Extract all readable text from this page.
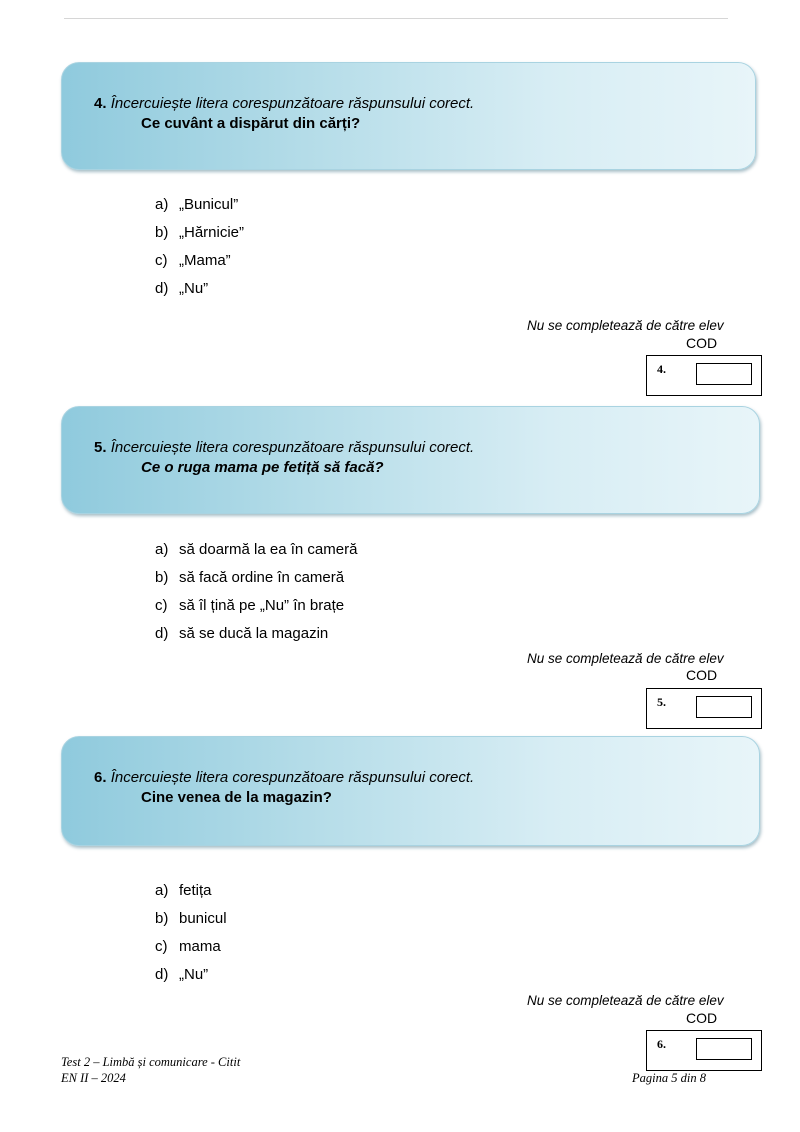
4. Încercuiește litera corespunzătoare răspunsului corect.
Ce cuvânt a dispărut din cărți?
a) „Bunicul”
b) „Hărnicie”
c) „Mama”
d) „Nu”
Nu se completează de către elev
COD
4.
5. Încercuiește litera corespunzătoare răspunsului corect.
Ce o ruga mama pe fetiță să facă?
a) să doarmă la ea în cameră
b) să facă ordine în cameră
c) să îl țină pe „Nu” în brațe
d) să se ducă la magazin
Nu se completează de către elev
COD
5.
6. Încercuiește litera corespunzătoare răspunsului corect.
Cine venea de la magazin?
a) fetița
b) bunicul
c) mama
d) „Nu”
Nu se completează de către elev
COD
6.
Test 2 – Limbă și comunicare - Citit
EN II – 2024	Pagina 5 din 8
